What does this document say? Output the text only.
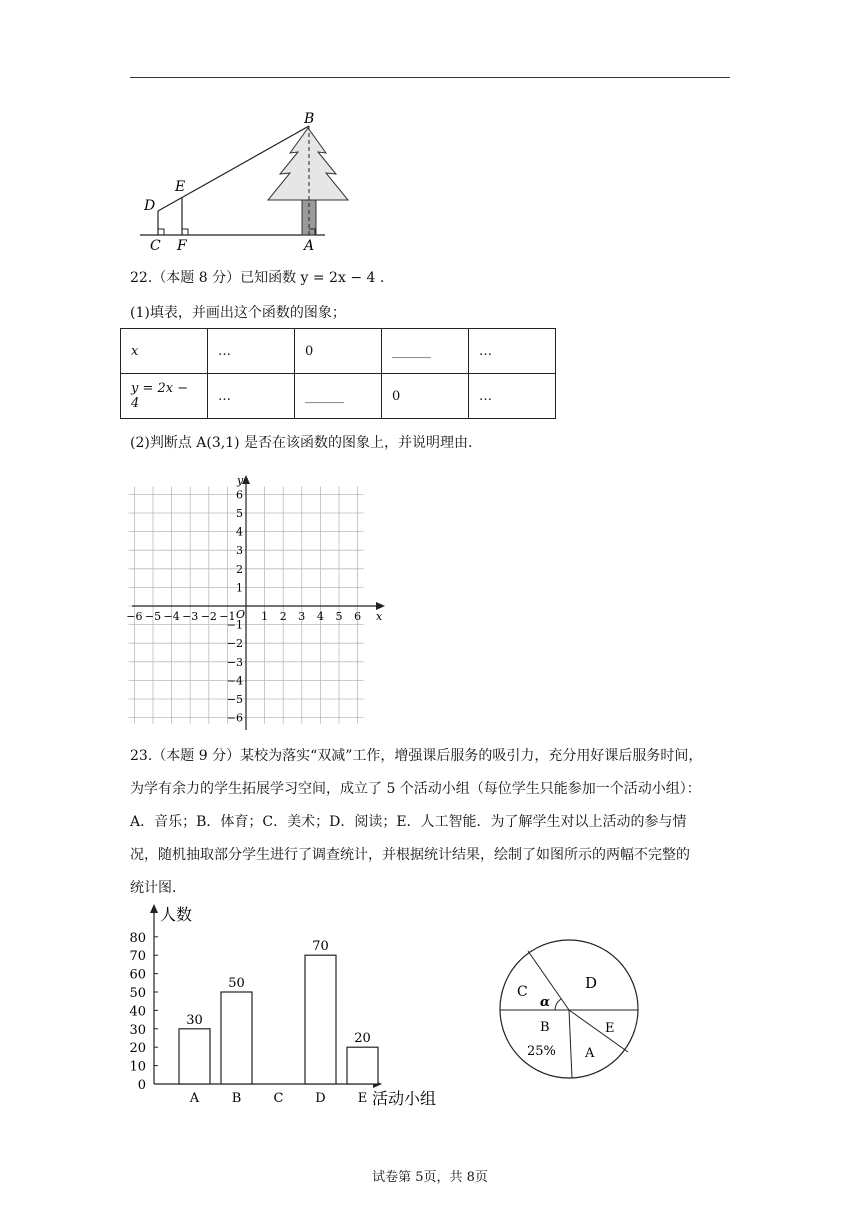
B
E
D
C F	A
22.（本题 8 分）已知函数 y = 2x − 4 .
(1)填表，并画出这个函数的图象；
x	…	0	______	…
y = 2x − 4	…	______	0	…
(2)判断点 A(3,1) 是否在该函数的图象上，并说明理由.
x
y
O
−6 −5 −4 −3 −2 −1 1 2 3 4 5 6
6
5
4
3
2
1
−1
−2
−3
−4
−5
−6
23.（本题 9 分）某校为落实“双减”工作，增强课后服务的吸引力，充分用好课后服务时间，
为学有余力的学生拓展学习空间，成立了 5 个活动小组（每位学生只能参加一个活动小组）：
A．音乐；B．体育；C．美术；D．阅读；E．人工智能．为了解学生对以上活动的参与情
况，随机抽取部分学生进行了调查统计，并根据统计结果，绘制了如图所示的两幅不完整的
统计图.
人数
活动小组
0
10
20
30
40
50
60
70
80
A
30
B
50
C D
70
E
20
D
E
A
B
25%
C
α
试卷第 5页，共 8页
